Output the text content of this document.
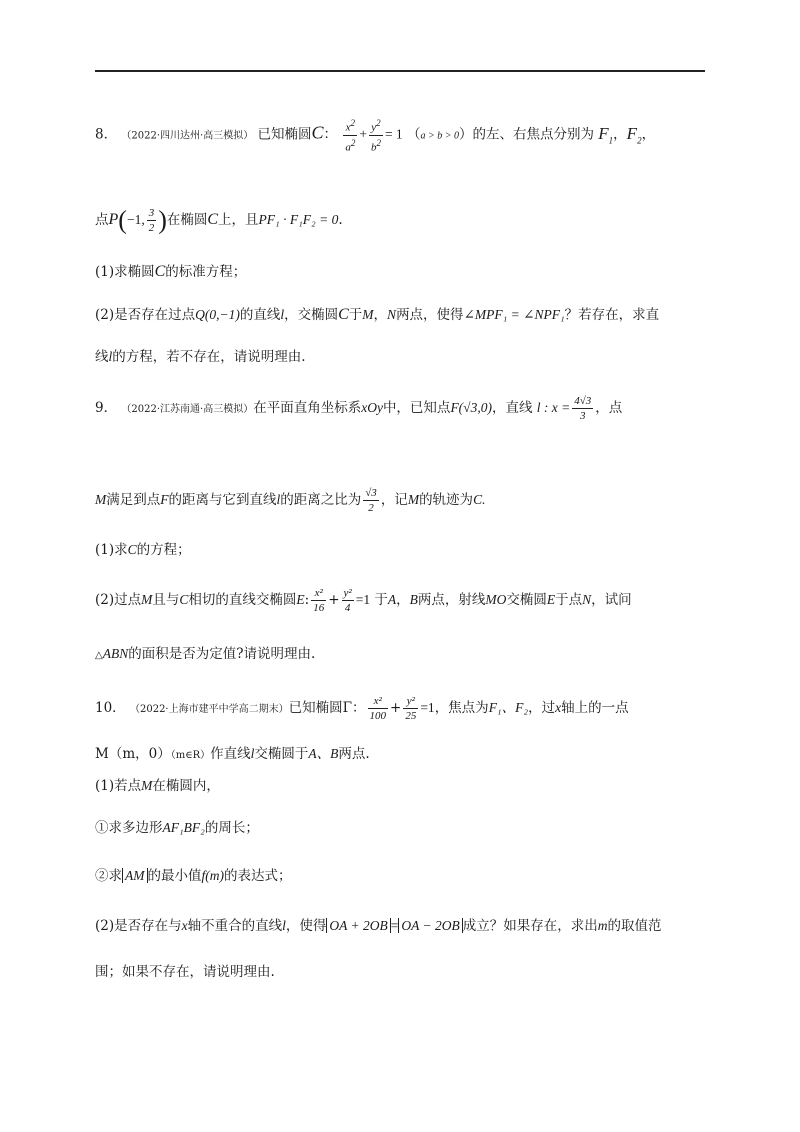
8． （2022·四川达州·高三模拟） 已知椭圆C： $\frac{x^2}{a^2} + \frac{y^2}{b^2} = 1$ （a > b > 0）的左、右焦点分别为 $F_1$，$F_2$，
点P(−1, $\frac{3}{2}$ )在椭圆C上，且PF₁ · F₁F₂ = 0.
(1)求椭圆C的标准方程；
(2)是否存在过点Q(0,−1)的直线l，交椭圆C于M，N两点，使得∠MPF₁ = ∠NPF₁？若存在，求直
线l的方程，若不存在，请说明理由.
9． （2022·江苏南通·高三模拟）在平面直角坐标系xOy中，已知点F(√3,0)，直线 l : $x = \frac{4√3}{3}$ ，点
M满足到点F的距离与它到直线l的距离之比为 $\frac{√3}{2}$ ，记M的轨迹为C.
(1)求C的方程；
(2)过点M且与C相切的直线交椭圆E: $\frac{\text{x²}}{16} + \frac{\text{y²}}{4} =1$ 于A，B两点，射线MO交椭圆E于点N，试问
△ABN的面积是否为定值?请说明理由.
10． （2022·上海市建平中学高二期末）已知椭圆Γ： $\frac{\text{x²}}{100} + \frac{\text{y²}}{25} =1$，焦点为F₁、F₂，过x轴上的一点
M（m，0）（m∈R）作直线l交椭圆于A、B两点.
(1)若点M在椭圆内，
①求多边形AF₁BF₂的周长；
②求 AM 的最小值f(m)的表达式；
(2)是否存在与x轴不重合的直线l，使得 OA + 2OB = OA − 2OB 成立？如果存在，求出m的取值范
围；如果不存在，请说明理由.
